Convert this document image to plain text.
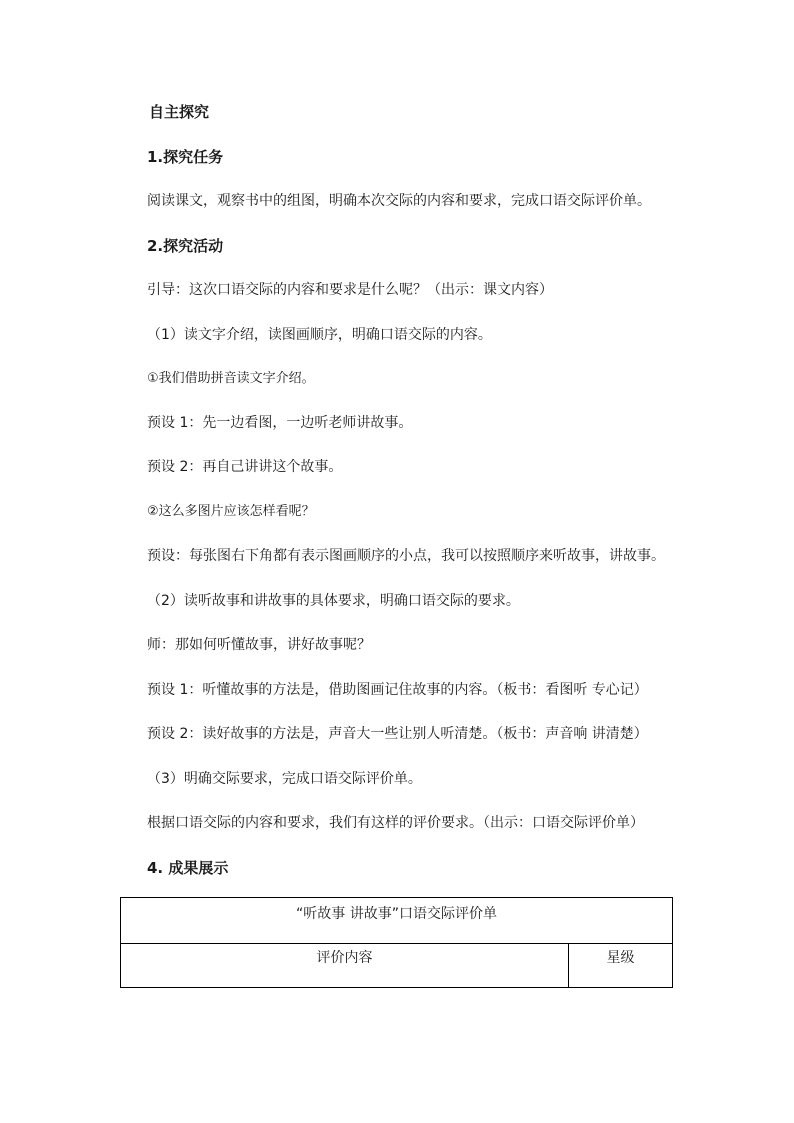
自主探究
1.探究任务
阅读课文，观察书中的组图，明确本次交际的内容和要求，完成口语交际评价单。
2.探究活动
引导：这次口语交际的内容和要求是什么呢？（出示：课文内容）
（1）读文字介绍，读图画顺序，明确口语交际的内容。
①我们借助拼音读文字介绍。
预设 1：先一边看图，一边听老师讲故事。
预设 2：再自己讲讲这个故事。
②这么多图片应该怎样看呢？
预设：每张图右下角都有表示图画顺序的小点，我可以按照顺序来听故事，讲故事。
（2）读听故事和讲故事的具体要求，明确口语交际的要求。
师：那如何听懂故事，讲好故事呢？
预设 1：听懂故事的方法是，借助图画记住故事的内容。（板书：看图听 专心记）
预设 2：读好故事的方法是，声音大一些让别人听清楚。（板书：声音响 讲清楚）
（3）明确交际要求，完成口语交际评价单。
根据口语交际的内容和要求，我们有这样的评价要求。（出示：口语交际评价单）
4. 成果展示
“听故事 讲故事”口语交际评价单
评价内容	星级
